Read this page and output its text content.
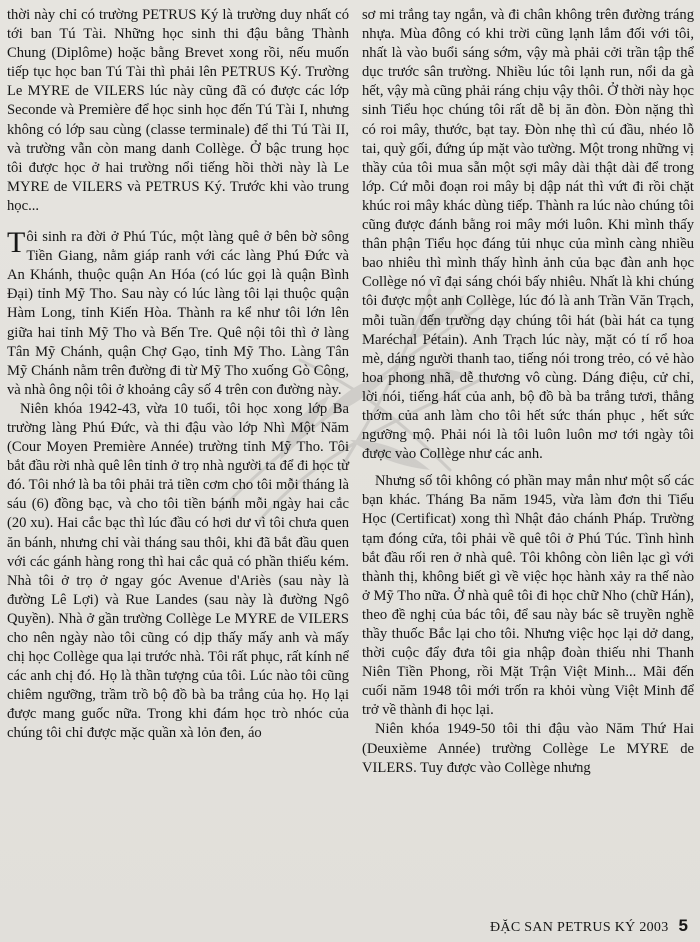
thời này chỉ có trường PETRUS Ký là trường duy nhất có tới ban Tú Tài. Những học sinh thi đậu bằng Thành Chung (Diplôme) hoặc bằng Brevet xong rồi, nếu muốn tiếp tục học ban Tú Tài thì phải lên PETRUS Ký. Trường Le MYRE de VILERS lúc này cũng đã có được các lớp Seconde và Première để học sinh học đến Tú Tài I, nhưng không có lớp sau cùng (classe terminale) để thi Tú Tài II, và trường vẫn còn mang danh Collège. Ở bậc trung học tôi được học ở hai trường nổi tiếng hồi thời này là Le MYRE de VILERS và PETRUS Ký. Trước khi vào trung học...

Tôi sinh ra đời ở Phú Túc, một làng quê ở bên bờ sông Tiền Giang, nằm giáp ranh với các làng Phú Đức và An Khánh, thuộc quận An Hóa (có lúc gọi là quận Bình Đại) tỉnh Mỹ Tho. Sau này có lúc làng tôi lại thuộc quận Hàm Long, tỉnh Kiến Hòa. Thành ra kể như tôi lớn lên giữa hai tỉnh Mỹ Tho và Bến Tre. Quê nội tôi thì ở làng Tân Mỹ Chánh, quận Chợ Gạo, tỉnh Mỹ Tho. Làng Tân Mỹ Chánh nằm trên đường đi từ Mỹ Tho xuống Gò Công, và nhà ông nội tôi ở khoảng cây số 4 trên con đường này.

Niên khóa 1942-43, vừa 10 tuổi, tôi học xong lớp Ba trường làng Phú Đức, và thi đậu vào lớp Nhì Một Năm (Cour Moyen Première Année) trường tỉnh Mỹ Tho. Tôi bắt đầu rời nhà quê lên tỉnh ở trọ nhà người ta để đi học từ đó. Tôi nhớ là ba tôi phải trả tiền cơm cho tôi mỗi tháng là sáu (6) đồng bạc, và cho tôi tiền bánh mỗi ngày hai cắc (20 xu). Hai cắc bạc thì lúc đầu có hơi dư vì tôi chưa quen ăn bánh, nhưng chỉ vài tháng sau thôi, khi đã bắt đầu quen với các gánh hàng rong thì hai cắc quả có phần thiếu kém. Nhà tôi ở trọ ở ngay góc Avenue d'Ariès (sau này là đường Lê Lợi) và Rue Landes (sau này là đường Ngô Quyền). Nhà ở gần trường Collège Le MYRE de VILERS cho nên ngày nào tôi cũng có dịp thấy mấy anh và mấy chị học Collège qua lại trước nhà. Tôi rất phục, rất kính nể các anh chị đó. Họ là thần tượng của tôi. Lúc nào tôi cũng chiêm ngưỡng, trầm trồ bộ đồ bà ba trắng của họ. Họ lại được mang guốc nữa. Trong khi đám học trò nhóc của chúng tôi chỉ được mặc quần xà lỏn đen, áo

sơ mi trắng tay ngắn, và đi chân không trên đường tráng nhựa. Mùa đông có khi trời cũng lạnh lắm đối với tôi, nhất là vào buổi sáng sớm, vậy mà phải cởi trần tập thể dục trước sân trường. Nhiều lúc tôi lạnh run, nổi da gà hết, vậy mà cũng phải ráng chịu vậy thôi. Ở thời này học sinh Tiểu học chúng tôi rất dễ bị ăn đòn. Đòn nặng thì có roi mây, thước, bạt tay. Đòn nhẹ thì cú đầu, nhéo lỗ tai, quỳ gối, đứng úp mặt vào tường. Một trong những vị thầy của tôi mua sẵn một sợi mây dài thật dài để trong lớp. Cứ mỗi đoạn roi mây bị dập nát thì vứt đi rồi chặt khúc roi mây khác dùng tiếp. Thành ra lúc nào chúng tôi cũng được đánh bằng roi mây mới luôn. Khi mình thấy thân phận Tiểu học đáng tủi nhục của mình càng nhiều bao nhiêu thì mình thấy hình ảnh của bạc đàn anh học Collège nó vĩ đại sáng chói bấy nhiêu. Nhất là khi chúng tôi được một anh Collège, lúc đó là anh Trần Văn Trạch, mỗi tuần đến trường dạy chúng tôi hát (bài hát ca tụng Maréchal Pétain). Anh Trạch lúc này, mặt có tí rổ hoa mè, dáng người thanh tao, tiếng nói trong trẻo, có vẻ hào hoa phong nhã, dễ thương vô cùng. Dáng điệu, cử chỉ, lời nói, tiếng hát của anh, bộ đồ bà ba trắng tươi, thẳng thớm của anh làm cho tôi hết sức thán phục , hết sức ngưỡng mộ. Phải nói là tôi luôn luôn mơ tới ngày tôi được vào Collège như các anh.

Nhưng số tôi không có phần may mắn như một số các bạn khác. Tháng Ba năm 1945, vừa làm đơn thi Tiểu Học (Certificat) xong thì Nhật đảo chánh Pháp. Trường tạm đóng cửa, tôi phải về quê tôi ở Phú Túc. Tình hình bắt đầu rối ren ở nhà quê. Tôi không còn liên lạc gì với thành thị, không biết gì về việc học hành xảy ra thế nào ở Mỹ Tho nữa. Ở nhà quê tôi đi học chữ Nho (chữ Hán), theo đề nghị của bác tôi, để sau này bác sẽ truyền nghề thầy thuốc Bắc lại cho tôi. Nhưng việc học lại dở dang, thời cuộc đẩy đưa tôi gia nhập đoàn thiếu nhi Thanh Niên Tiền Phong, rồi Mặt Trận Việt Minh... Mãi đến cuối năm 1948 tôi mới trốn ra khỏi vùng Việt Minh để trở về thành đi học lại.

Niên khóa 1949-50 tôi thi đậu vào Năm Thứ Hai (Deuxième Année) trường Collège Le MYRE de VILERS. Tuy được vào Collège nhưng

ĐẶC SAN PETRUS KÝ 2003 5
